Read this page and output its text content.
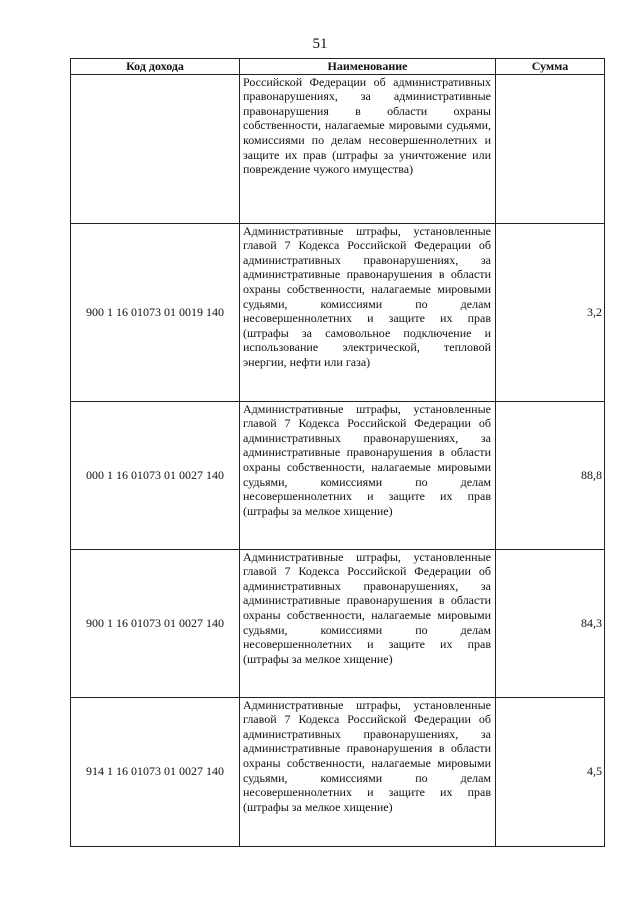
51
Код дохода	Наименование	Сумма
	Российской Федерации об административных правонарушениях, за административные правонарушения в области охраны собственности, налагаемые мировыми судьями, комиссиями по делам несовершеннолетних и защите их прав (штрафы за уничтожение или повреждение чужого имущества)	
900 1 16 01073 01 0019 140	Административные штрафы, установленные главой 7 Кодекса Российской Федерации об административных правонарушениях, за административные правонарушения в области охраны собственности, налагаемые мировыми судьями, комиссиями по делам несовершеннолетних и защите их прав (штрафы за самовольное подключение и использование электрической, тепловой энергии, нефти или газа)	3,2
000 1 16 01073 01 0027 140	Административные штрафы, установленные главой 7 Кодекса Российской Федерации об административных правонарушениях, за административные правонарушения в области охраны собственности, налагаемые мировыми судьями, комиссиями по делам несовершеннолетних и защите их прав (штрафы за мелкое хищение)	88,8
900 1 16 01073 01 0027 140	Административные штрафы, установленные главой 7 Кодекса Российской Федерации об административных правонарушениях, за административные правонарушения в области охраны собственности, налагаемые мировыми судьями, комиссиями по делам несовершеннолетних и защите их прав (штрафы за мелкое хищение)	84,3
914 1 16 01073 01 0027 140	Административные штрафы, установленные главой 7 Кодекса Российской Федерации об административных правонарушениях, за административные правонарушения в области охраны собственности, налагаемые мировыми судьями, комиссиями по делам несовершеннолетних и защите их прав (штрафы за мелкое хищение)	4,5
